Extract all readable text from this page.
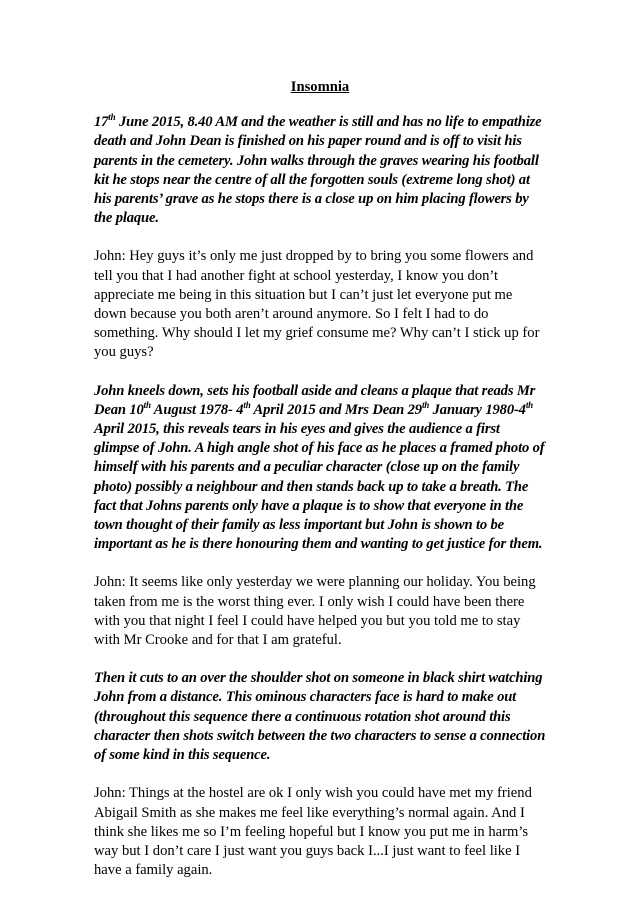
Insomnia

17th June 2015, 8.40 AM and the weather is still and has no life to empathize death and John Dean is finished on his paper round and is off to visit his parents in the cemetery. John walks through the graves wearing his football kit he stops near the centre of all the forgotten souls (extreme long shot) at his parents’ grave as he stops there is a close up on him placing flowers by the plaque.

John: Hey guys it’s only me just dropped by to bring you some flowers and tell you that I had another fight at school yesterday, I know you don’t appreciate me being in this situation but I can’t just let everyone put me down because you both aren’t around anymore. So I felt I had to do something. Why should I let my grief consume me? Why can’t I stick up for you guys?

John kneels down, sets his football aside and cleans a plaque that reads Mr Dean 10th August 1978- 4th April 2015 and Mrs Dean 29th January 1980-4th April 2015, this reveals tears in his eyes and gives the audience a first glimpse of John. A high angle shot of his face as he places a framed photo of himself with his parents and a peculiar character (close up on the family photo) possibly a neighbour and then stands back up to take a breath. The fact that Johns parents only have a plaque is to show that everyone in the town thought of their family as less important but John is shown to be important as he is there honouring them and wanting to get justice for them.

John: It seems like only yesterday we were planning our holiday. You being taken from me is the worst thing ever. I only wish I could have been there with you that night I feel I could have helped you but you told me to stay with Mr Crooke and for that I am grateful.

Then it cuts to an over the shoulder shot on someone in black shirt watching John from a distance. This ominous characters face is hard to make out (throughout this sequence there a continuous rotation shot around this character then shots switch between the two characters to sense a connection of some kind in this sequence.

John: Things at the hostel are ok I only wish you could have met my friend Abigail Smith as she makes me feel like everything’s normal again. And I think she likes me so I’m feeling hopeful but I know you put me in harm’s way but I don’t care I just want you guys back I...I just want to feel like I have a family again.
